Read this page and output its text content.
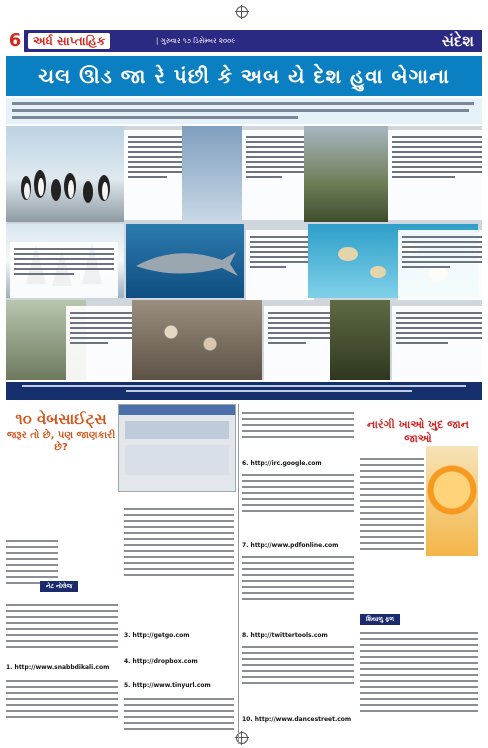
6 અર્ધ સાપ્તાહિક	| ગુરુવાર ૧૭ ડિસેમ્બર ૨૦૦૯	સંદેશ
ચલ ઊડ જા રે પંછી કે અબ યે દેશ હુવા બેગાના
૧૦ વેબસાઈટ્સ
જરૂર તો છે, પણ જાણકારી છે?
નેટ નોલેજ
1. http://www.snabbdikali.com
3. http://getgo.com
4. http://dropbox.com
5. http://www.tinyurl.com
6. http://irc.google.com
7. http://www.pdfonline.com
8. http://twittertools.com
10. http://www.dancestreet.com
નારંગી ખાઓ ખુદ જાન જાઓ
શિયાળુ ફળ
